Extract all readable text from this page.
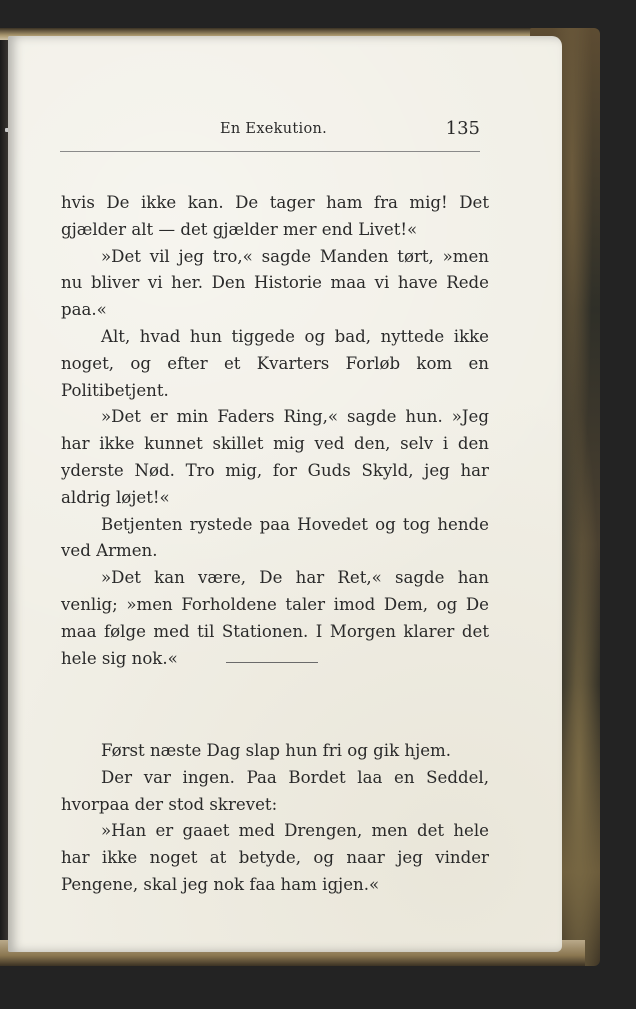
En Exekution.	135

hvis De ikke kan. De tager ham fra mig! Det gjælder alt — det gjælder mer end Livet!«

»Det vil jeg tro,« sagde Manden tørt, »men nu bliver vi her. Den Historie maa vi have Rede paa.«

Alt, hvad hun tiggede og bad, nyttede ikke noget, og efter et Kvarters Forløb kom en Politibetjent.

»Det er min Faders Ring,« sagde hun. »Jeg har ikke kunnet skillet mig ved den, selv i den yderste Nød. Tro mig, for Guds Skyld, jeg har aldrig løjet!«

Betjenten rystede paa Hovedet og tog hende ved Armen.

»Det kan være, De har Ret,« sagde han venlig; »men Forholdene taler imod Dem, og De maa følge med til Stationen. I Morgen klarer det hele sig nok.«

Først næste Dag slap hun fri og gik hjem.

Der var ingen. Paa Bordet laa en Seddel, hvorpaa der stod skrevet:

»Han er gaaet med Drengen, men det hele har ikke noget at betyde, og naar jeg vinder Pengene, skal jeg nok faa ham igjen.«
